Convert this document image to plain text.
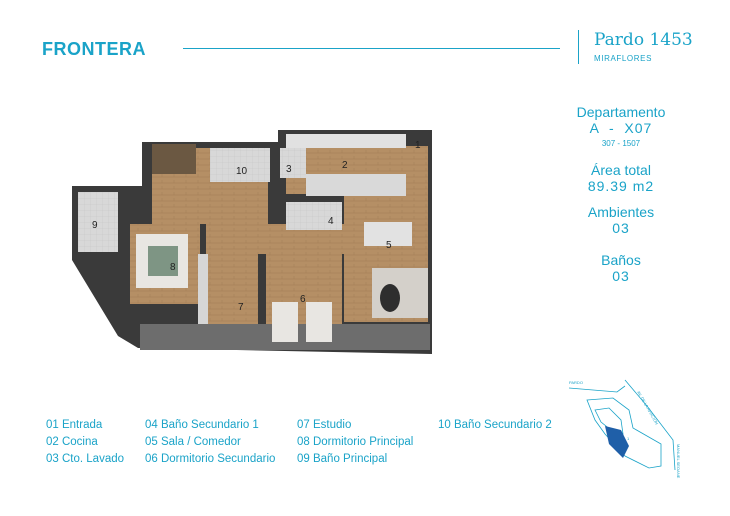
FRONTERA	Pardo 1453
MIRAFLORES
Departamento
A  -  X07
307 - 1507
Área total
89.39 m2
Ambientes
03
Baños
03
1
2
3
4
5
6
7
8
9
10
01 Entrada
02 Cocina
03 Cto. Lavado
04 Baño Secundario 1
05 Sala / Comedor
06 Dormitorio Secundario
07 Estudio
08 Dormitorio Principal
09 Baño Principal
10 Baño Secundario 2
PARDO
AV. DE LA AVIACION
MANUEL SEOANE
1
